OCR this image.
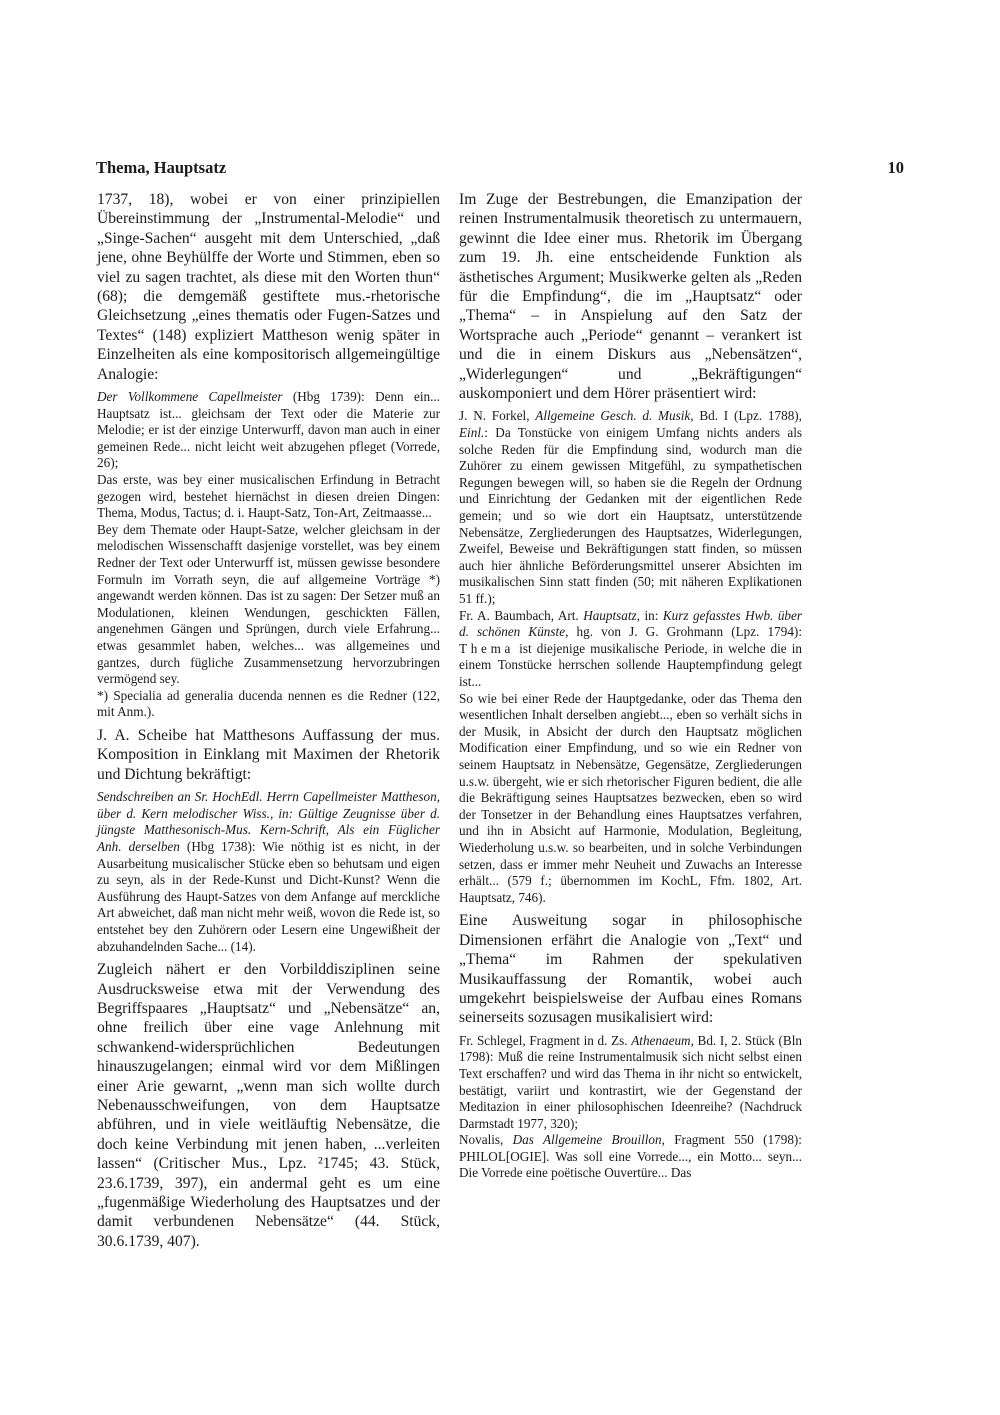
Thema, Hauptsatz	10

1737, 18), wobei er von einer prinzipiellen Übereinstimmung der „Instrumental-Melodie“ und „Singe-Sachen“ ausgeht mit dem Unterschied, „daß jene, ohne Beyhülffe der Worte und Stimmen, eben so viel zu sagen trachtet, als diese mit den Worten thun“ (68); die demgemäß gestiftete mus.-rhetorische Gleichsetzung „eines thematis oder Fugen-Satzes und Textes“ (148) expliziert Mattheson wenig später in Einzelheiten als eine kompositorisch allgemeingültige Analogie:

Der Vollkommene Capellmeister (Hbg 1739): Denn ein... Hauptsatz ist... gleichsam der Text oder die Materie zur Melodie; er ist der einzige Unterwurff, davon man auch in einer gemeinen Rede... nicht leicht weit abzugehen pfleget (Vorrede, 26);

Das erste, was bey einer musicalischen Erfindung in Betracht gezogen wird, bestehet hiernächst in diesen dreien Dingen: Thema, Modus, Tactus; d. i. Haupt-Satz, Ton-Art, Zeitmaasse...

Bey dem Themate oder Haupt-Satze, welcher gleichsam in der melodischen Wissenschafft dasjenige vorstellet, was bey einem Redner der Text oder Unterwurff ist, müssen gewisse besondere Formuln im Vorrath seyn, die auf allgemeine Vorträge *) angewandt werden können. Das ist zu sagen: Der Setzer muß an Modulationen, kleinen Wendungen, geschickten Fällen, angenehmen Gängen und Sprüngen, durch viele Erfahrung... etwas gesammlet haben, welches... was allgemeines und gantzes, durch fügliche Zusammensetzung hervorzubringen vermögend sey.

*) Specialia ad generalia ducenda nennen es die Redner (122, mit Anm.).

J. A. Scheibe hat Matthesons Auffassung der mus. Komposition in Einklang mit Maximen der Rhetorik und Dichtung bekräftigt:

Sendschreiben an Sr. HochEdl. Herrn Capellmeister Mattheson, über d. Kern melodischer Wiss., in: Gültige Zeugnisse über d. jüngste Matthesonisch-Mus. Kern-Schrift, Als ein Füglicher Anh. derselben (Hbg 1738): Wie nöthig ist es nicht, in der Ausarbeitung musicalischer Stücke eben so behutsam und eigen zu seyn, als in der Rede-Kunst und Dicht-Kunst? Wenn die Ausführung des Haupt-Satzes von dem Anfange auf merckliche Art abweichet, daß man nicht mehr weiß, wovon die Rede ist, so entstehet bey den Zuhörern oder Lesern eine Ungewißheit der abzuhandelnden Sache... (14).

Zugleich nähert er den Vorbilddisziplinen seine Ausdrucksweise etwa mit der Verwendung des Begriffspaares „Hauptsatz“ und „Nebensätze“ an, ohne freilich über eine vage Anlehnung mit schwankend-widersprüchlichen Bedeutungen hinauszugelangen; einmal wird vor dem Mißlingen einer Arie gewarnt, „wenn man sich wollte durch Nebenausschweifungen, von dem Hauptsatze abführen, und in viele weitläuftig Nebensätze, die doch keine Verbindung mit jenen haben, ...verleiten lassen“ (Critischer Mus., Lpz. ²1745; 43. Stück, 23.6.1739, 397), ein andermal geht es um eine „fugenmäßige Wiederholung des Hauptsatzes und der damit verbundenen Nebensätze“ (44. Stück, 30.6.1739, 407).

Im Zuge der Bestrebungen, die Emanzipation der reinen Instrumentalmusik theoretisch zu untermauern, gewinnt die Idee einer mus. Rhetorik im Übergang zum 19. Jh. eine entscheidende Funktion als ästhetisches Argument; Musikwerke gelten als „Reden für die Empfindung“, die im „Hauptsatz“ oder „Thema“ – in Anspielung auf den Satz der Wortsprache auch „Periode“ genannt – verankert ist und die in einem Diskurs aus „Nebensätzen“, „Widerlegungen“ und „Bekräftigungen“ auskomponiert und dem Hörer präsentiert wird:

J. N. Forkel, Allgemeine Gesch. d. Musik, Bd. I (Lpz. 1788), Einl.: Da Tonstücke von einigem Umfang nichts anders als solche Reden für die Empfindung sind, wodurch man die Zuhörer zu einem gewissen Mitgefühl, zu sympathetischen Regungen bewegen will, so haben sie die Regeln der Ordnung und Einrichtung der Gedanken mit der eigentlichen Rede gemein; und so wie dort ein Hauptsatz, unterstützende Nebensätze, Zergliederungen des Hauptsatzes, Widerlegungen, Zweifel, Beweise und Bekräftigungen statt finden, so müssen auch hier ähnliche Beförderungsmittel unserer Absichten im musikalischen Sinn statt finden (50; mit näheren Explikationen 51 ff.);

Fr. A. Baumbach, Art. Hauptsatz, in: Kurz gefasstes Hwb. über d. schönen Künste, hg. von J. G. Grohmann (Lpz. 1794): Thema ist diejenige musikalische Periode, in welche die in einem Tonstücke herrschen sollende Hauptempfindung gelegt ist...

So wie bei einer Rede der Hauptgedanke, oder das Thema den wesentlichen Inhalt derselben angiebt..., eben so verhält sichs in der Musik, in Absicht der durch den Hauptsatz möglichen Modification einer Empfindung, und so wie ein Redner von seinem Hauptsatz in Nebensätze, Gegensätze, Zergliederungen u.s.w. übergeht, wie er sich rhetorischer Figuren bedient, die alle die Bekräftigung seines Hauptsatzes bezwecken, eben so wird der Tonsetzer in der Behandlung eines Hauptsatzes verfahren, und ihn in Absicht auf Harmonie, Modulation, Begleitung, Wiederholung u.s.w. so bearbeiten, und in solche Verbindungen setzen, dass er immer mehr Neuheit und Zuwachs an Interesse erhält... (579 f.; übernommen im KochL, Ffm. 1802, Art. Hauptsatz, 746).

Eine Ausweitung sogar in philosophische Dimensionen erfährt die Analogie von „Text“ und „Thema“ im Rahmen der spekulativen Musikauffassung der Romantik, wobei auch umgekehrt beispielsweise der Aufbau eines Romans seinerseits sozusagen musikalisiert wird:

Fr. Schlegel, Fragment in d. Zs. Athenaeum, Bd. I, 2. Stück (Bln 1798): Muß die reine Instrumentalmusik sich nicht selbst einen Text erschaffen? und wird das Thema in ihr nicht so entwickelt, bestätigt, variirt und kontrastirt, wie der Gegenstand der Meditazion in einer philosophischen Ideenreihe? (Nachdruck Darmstadt 1977, 320);

Novalis, Das Allgemeine Brouillon, Fragment 550 (1798): PHILOL[OGIE]. Was soll eine Vorrede..., ein Motto... seyn... Die Vorrede eine poëtische Ouvertüre... Das
